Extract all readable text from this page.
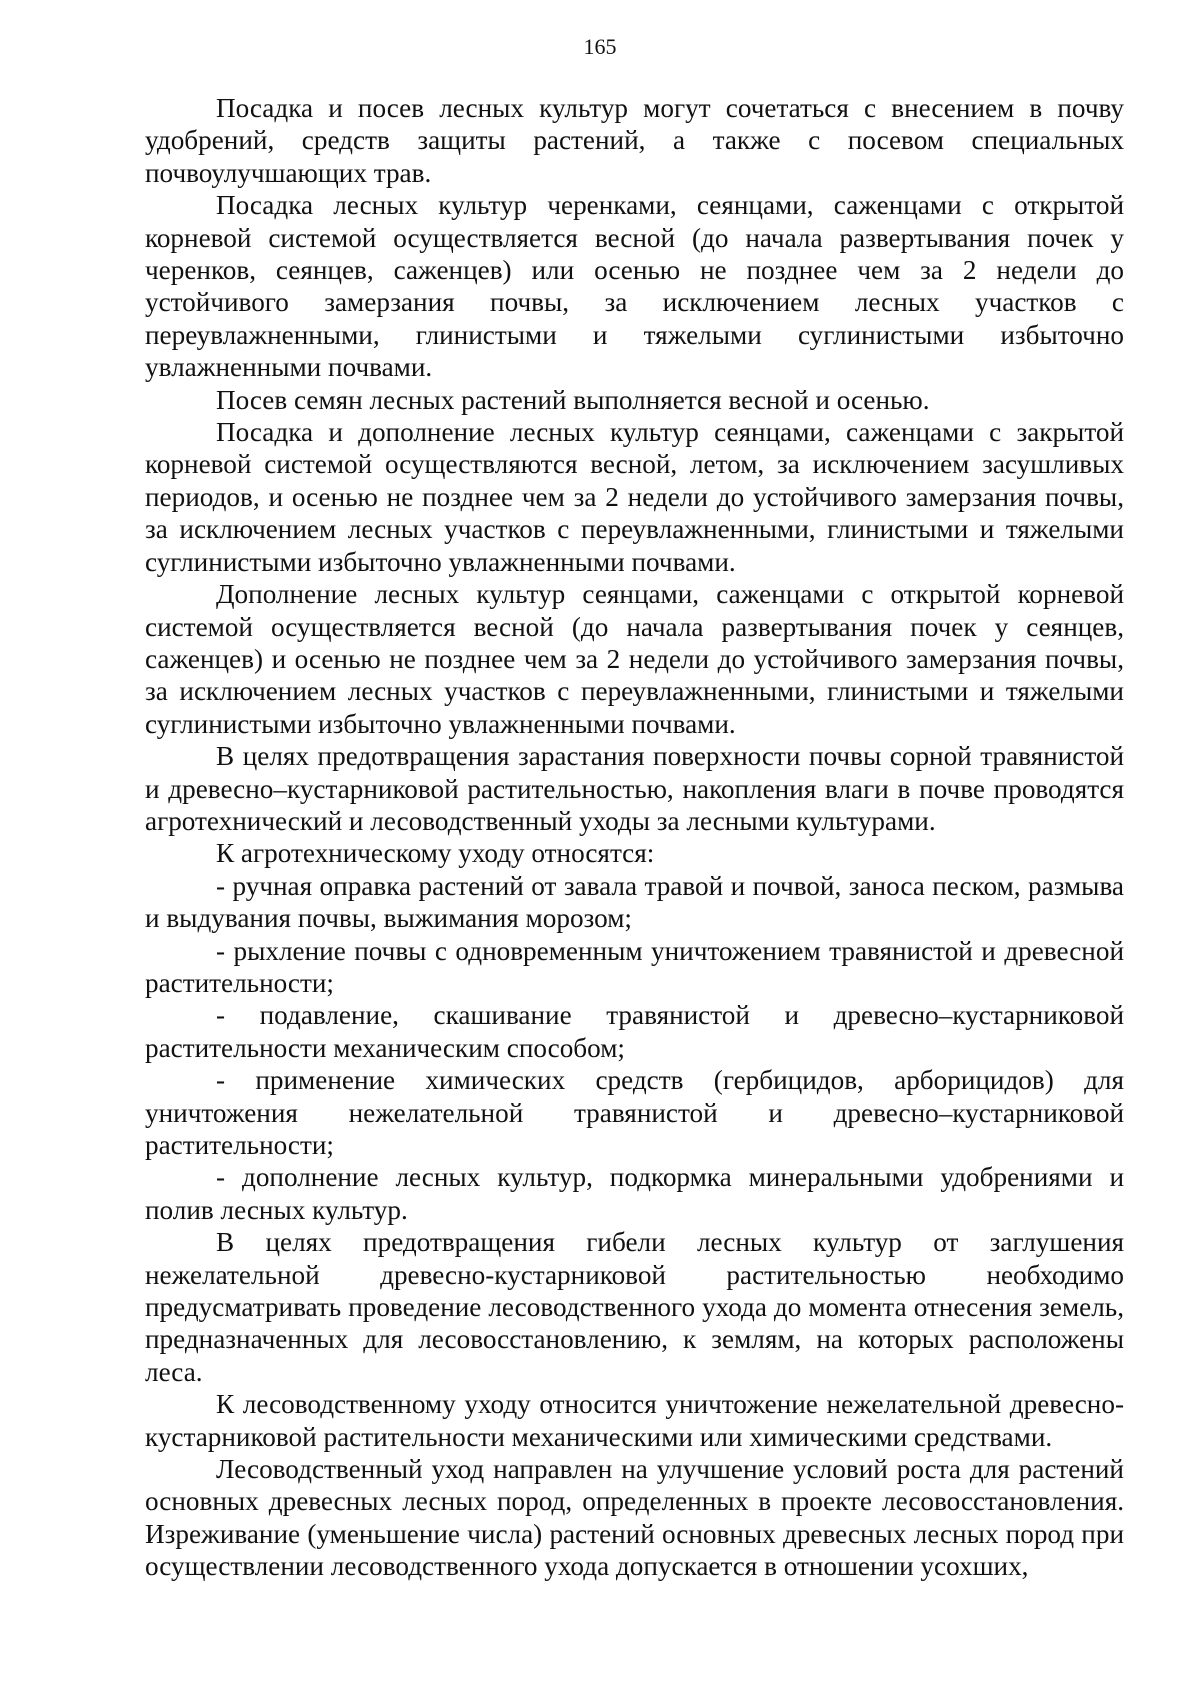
165

Посадка и посев лесных культур могут сочетаться с внесением в почву удобрений, средств защиты растений, а также с посевом специальных почвоулучшающих трав.

Посадка лесных культур черенками, сеянцами, саженцами с открытой корневой системой осуществляется весной (до начала развертывания почек у черенков, сеянцев, саженцев) или осенью не позднее чем за 2 недели до устойчивого замерзания почвы, за исключением лесных участков с переувлажненными, глинистыми и тяжелыми суглинистыми избыточно увлажненными почвами.

Посев семян лесных растений выполняется весной и осенью.

Посадка и дополнение лесных культур сеянцами, саженцами с закрытой корневой системой осуществляются весной, летом, за исключением засушливых периодов, и осенью не позднее чем за 2 недели до устойчивого замерзания почвы, за исключением лесных участков с переувлажненными, глинистыми и тяжелыми суглинистыми избыточно увлажненными почвами.

Дополнение лесных культур сеянцами, саженцами с открытой корневой системой осуществляется весной (до начала развертывания почек у сеянцев, саженцев) и осенью не позднее чем за 2 недели до устойчивого замерзания почвы, за исключением лесных участков с переувлажненными, глинистыми и тяжелыми суглинистыми избыточно увлажненными почвами.

В целях предотвращения зарастания поверхности почвы сорной травянистой и древесно–кустарниковой растительностью, накопления влаги в почве проводятся агротехнический и лесоводственный уходы за лесными культурами.

К агротехническому уходу относятся:

- ручная оправка растений от завала травой и почвой, заноса песком, размыва и выдувания почвы, выжимания морозом;

- рыхление почвы с одновременным уничтожением травянистой и древесной растительности;

- подавление, скашивание травянистой и древесно–кустарниковой растительности механическим способом;

- применение химических средств (гербицидов, арборицидов) для уничтожения нежелательной травянистой и древесно–кустарниковой растительности;

- дополнение лесных культур, подкормка минеральными удобрениями и полив лесных культур.

В целях предотвращения гибели лесных культур от заглушения нежелательной древесно-кустарниковой растительностью необходимо предусматривать проведение лесоводственного ухода до момента отнесения земель, предназначенных для лесовосстановлению, к землям, на которых расположены леса.

К лесоводственному уходу относится уничтожение нежелательной древесно-кустарниковой растительности механическими или химическими средствами.

Лесоводственный уход направлен на улучшение условий роста для растений основных древесных лесных пород, определенных в проекте лесовосстановления. Изреживание (уменьшение числа) растений основных древесных лесных пород при осуществлении лесоводственного ухода допускается в отношении усохших,
